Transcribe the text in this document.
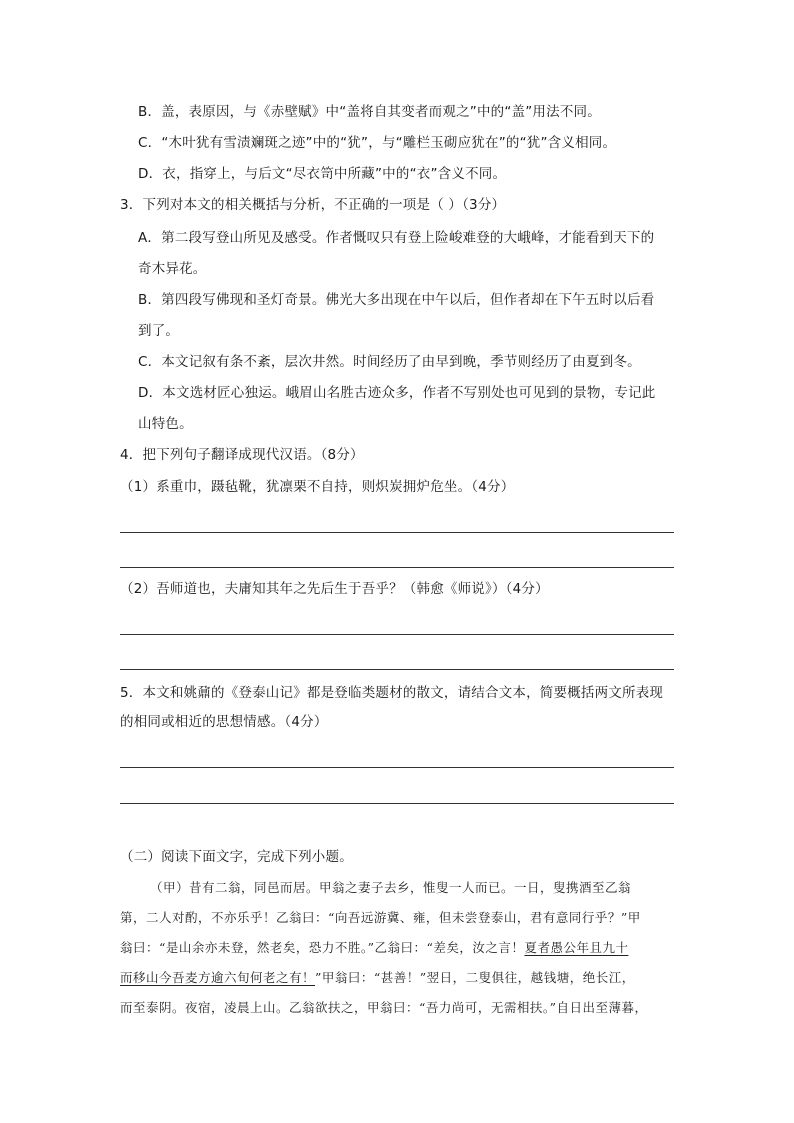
B．盖，表原因，与《赤壁赋》中“盖将自其变者而观之”中的“盖”用法不同。
C．“木叶犹有雪渍斓斑之迹”中的“犹”，与“雕栏玉砌应犹在”的“犹”含义相同。
D．衣，指穿上，与后文“尽衣笥中所藏”中的“衣”含义不同。
3．下列对本文的相关概括与分析，不正确的一项是（ ）（3分）
A．第二段写登山所见及感受。作者慨叹只有登上险峻难登的大峨峰，才能看到天下的
奇木异花。
B．第四段写佛现和圣灯奇景。佛光大多出现在中午以后，但作者却在下午五时以后看
到了。
C．本文记叙有条不紊，层次井然。时间经历了由早到晚，季节则经历了由夏到冬。
D．本文选材匠心独运。峨眉山名胜古迹众多，作者不写别处也可见到的景物，专记此
山特色。
4．把下列句子翻译成现代汉语。（8分）
（1）系重巾，蹑毡靴，犹凛栗不自持，则炽炭拥炉危坐。（4分）
（2）吾师道也，夫庸知其年之先后生于吾乎？（韩愈《师说》）（4分）
5．本文和姚鼐的《登泰山记》都是登临类题材的散文，请结合文本，简要概括两文所表现
的相同或相近的思想情感。（4分）
（二）阅读下面文字，完成下列小题。
（甲）昔有二翁，同邑而居。甲翁之妻子去乡，惟叟一人而已。一日，叟携酒至乙翁
第，二人对酌，不亦乐乎！乙翁曰：“向吾远游冀、雍，但未尝登泰山，君有意同行乎？”甲
翁曰：“是山余亦未登，然老矣，恐力不胜。”乙翁曰：“差矣，汝之言！夏者愚公年且九十
而移山今吾麦方逾六旬何老之有！”甲翁曰：“甚善！”翌日，二叟俱往，越钱塘，绝长江，
而至泰阴。夜宿，凌晨上山。乙翁欲扶之，甲翁曰：“吾力尚可，无需相扶。”自日出至薄暮，
